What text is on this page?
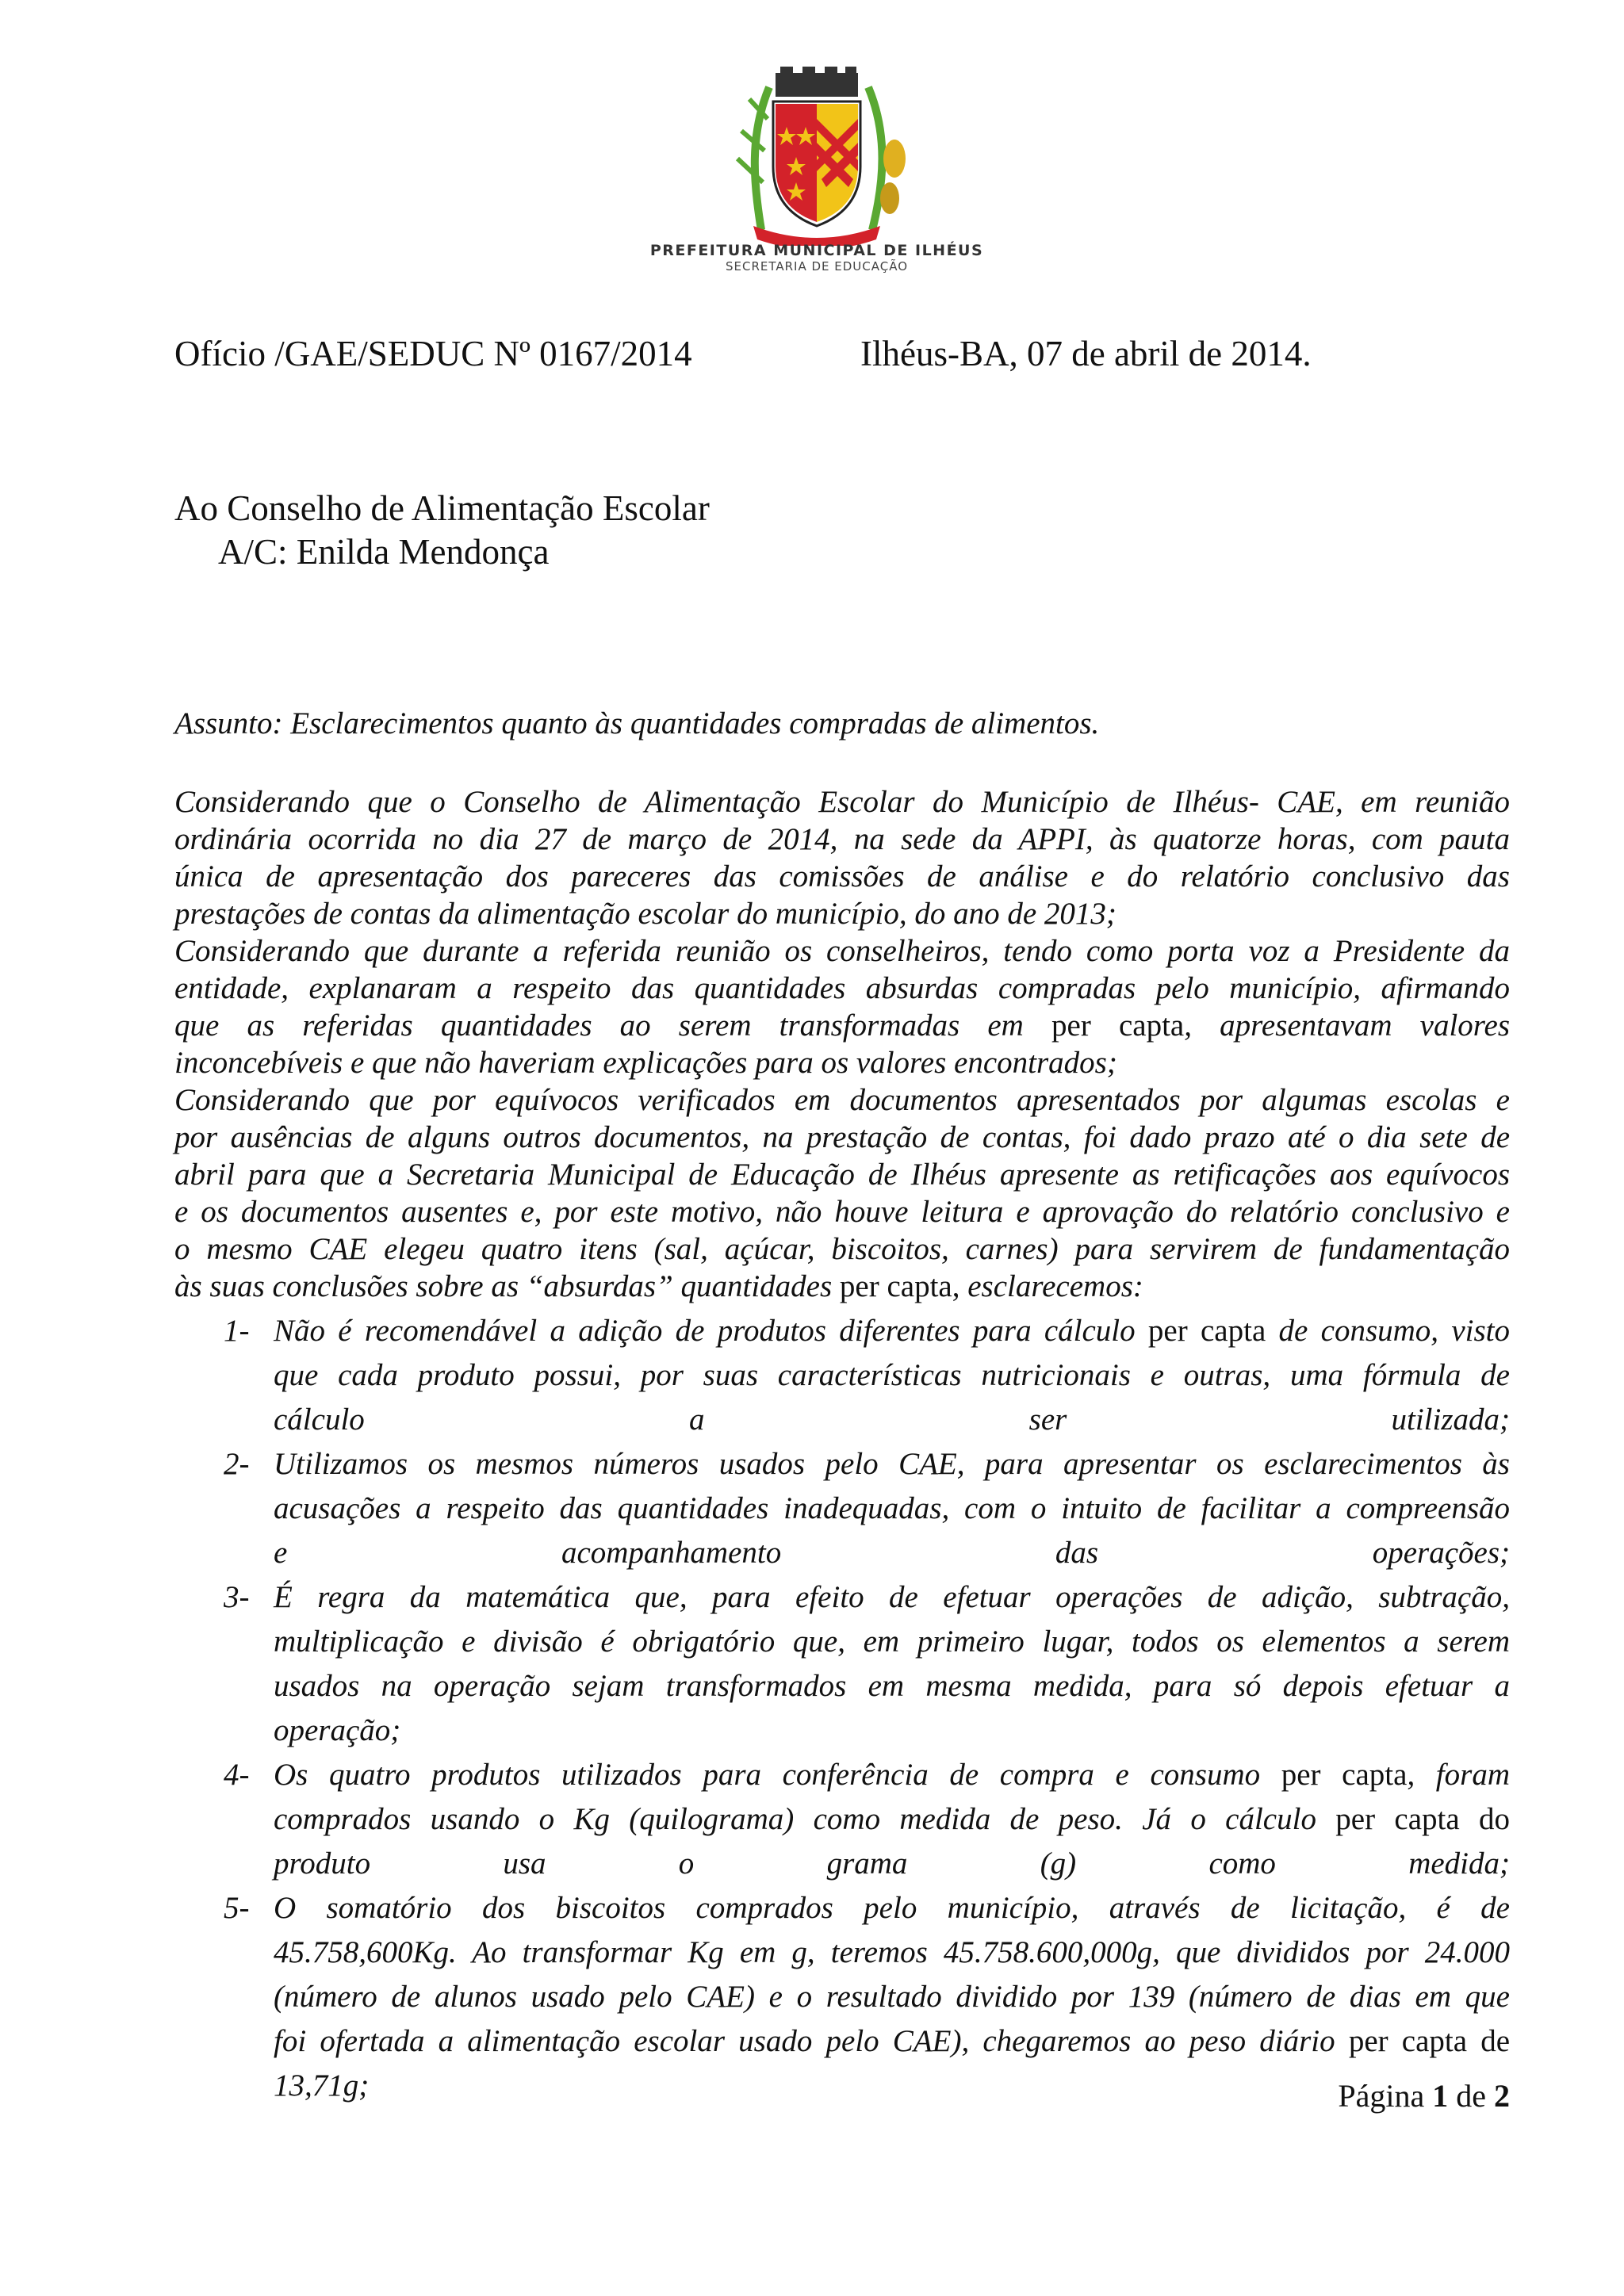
PREFEITURA MUNICIPAL DE ILHÉUS
SECRETARIA DE EDUCAÇÃO
Ofício /GAE/SEDUC Nº 0167/2014	Ilhéus-BA, 07 de abril de 2014.
Ao Conselho de Alimentação Escolar
A/C: Enilda Mendonça
Assunto: Esclarecimentos quanto às quantidades compradas de alimentos.
Considerando que o Conselho de Alimentação Escolar do Município de Ilhéus- CAE, em reunião
ordinária ocorrida no dia 27 de março de 2014, na sede da APPI, às quatorze horas, com pauta
única de apresentação dos pareceres das comissões de análise e do relatório conclusivo das
prestações de contas da alimentação escolar do município, do ano de 2013;
Considerando que durante a referida reunião os conselheiros, tendo como porta voz a Presidente da
entidade, explanaram a respeito das quantidades absurdas compradas pelo município, afirmando
que as referidas quantidades ao serem transformadas em per capta, apresentavam valores
inconcebíveis e que não haveriam explicações para os valores encontrados;
Considerando que por equívocos verificados em documentos apresentados por algumas escolas e
por ausências de alguns outros documentos, na prestação de contas, foi dado prazo até o dia sete de
abril para que a Secretaria Municipal de Educação de Ilhéus apresente as retificações aos equívocos
e os documentos ausentes e, por este motivo, não houve leitura e aprovação do relatório conclusivo e
o mesmo CAE elegeu quatro itens (sal, açúcar, biscoitos, carnes) para servirem de fundamentação
às suas conclusões sobre as “absurdas” quantidades per capta, esclarecemos:
1- Não é recomendável a adição de produtos diferentes para cálculo per capta de consumo, visto
que cada produto possui, por suas características nutricionais e outras, uma fórmula de
cálculo a ser utilizada;
2- Utilizamos os mesmos números usados pelo CAE, para apresentar os esclarecimentos às
acusações a respeito das quantidades inadequadas, com o intuito de facilitar a compreensão
e acompanhamento das operações;
3- É regra da matemática que, para efeito de efetuar operações de adição, subtração,
multiplicação e divisão é obrigatório que, em primeiro lugar, todos os elementos a serem
usados na operação sejam transformados em mesma medida, para só depois efetuar a
operação;
4- Os quatro produtos utilizados para conferência de compra e consumo per capta, foram
comprados usando o Kg (quilograma) como medida de peso. Já o cálculo per capta do
produto usa o grama (g) como medida;
5- O somatório dos biscoitos comprados pelo município, através de licitação, é de
45.758,600Kg. Ao transformar Kg em g, teremos 45.758.600,000g, que divididos por 24.000
(número de alunos usado pelo CAE) e o resultado dividido por 139 (número de dias em que
foi ofertada a alimentação escolar usado pelo CAE), chegaremos ao peso diário per capta de
13,71g;	Página 1 de 2
